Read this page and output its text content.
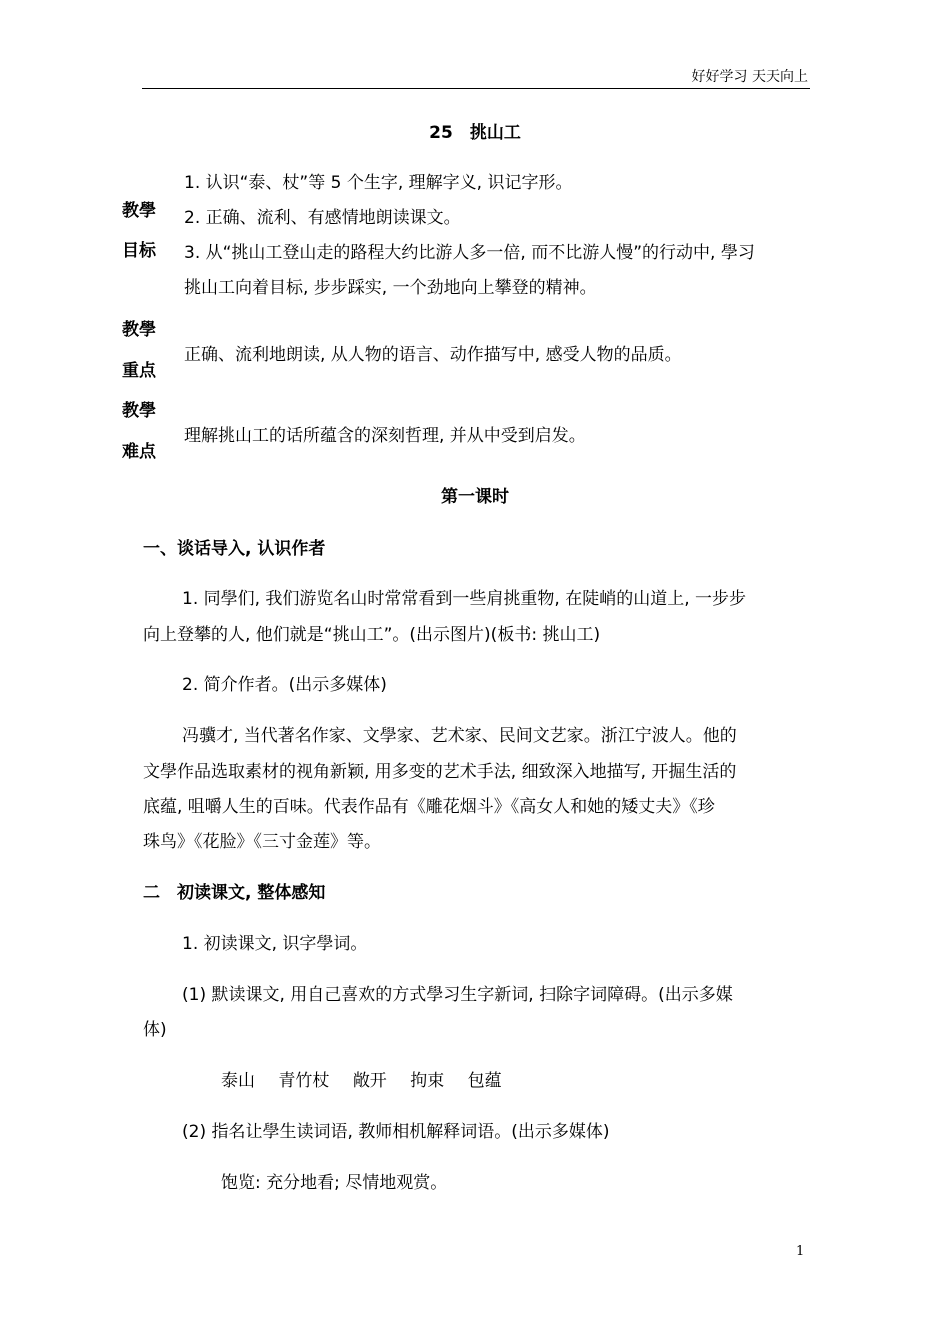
好好学习 天天向上
25　挑山工
教學
目标
1. 认识“泰、杖”等 5 个生字, 理解字义, 识记字形。
2. 正确、流利、有感情地朗读课文。
3. 从“挑山工登山走的路程大约比游人多一倍, 而不比游人慢”的行动中, 學习
挑山工向着目标, 步步踩实, 一个劲地向上攀登的精神。
教學
重点
正确、流利地朗读, 从人物的语言、动作描写中, 感受人物的品质。
教學
难点
理解挑山工的话所蕴含的深刻哲理, 并从中受到启发。
第一课时
一、谈话导入, 认识作者
1. 同學们, 我们游览名山时常常看到一些肩挑重物, 在陡峭的山道上, 一步步
向上登攀的人, 他们就是“挑山工”。(出示图片)(板书: 挑山工)
2. 简介作者。(出示多媒体)
冯骥才, 当代著名作家、文學家、艺术家、民间文艺家。浙江宁波人。他的
文學作品选取素材的视角新颖, 用多变的艺术手法, 细致深入地描写, 开掘生活的
底蕴, 咀嚼人生的百味。代表作品有《雕花烟斗》《高女人和她的矮丈夫》《珍
珠鸟》《花脸》《三寸金莲》等。
二　初读课文, 整体感知
1. 初读课文, 识字學词。
(1) 默读课文, 用自己喜欢的方式學习生字新词, 扫除字词障碍。(出示多媒
体)
泰山 青竹杖 敞开 拘束 包蕴
(2) 指名让學生读词语, 教师相机解释词语。(出示多媒体)
饱览: 充分地看; 尽情地观赏。
1
